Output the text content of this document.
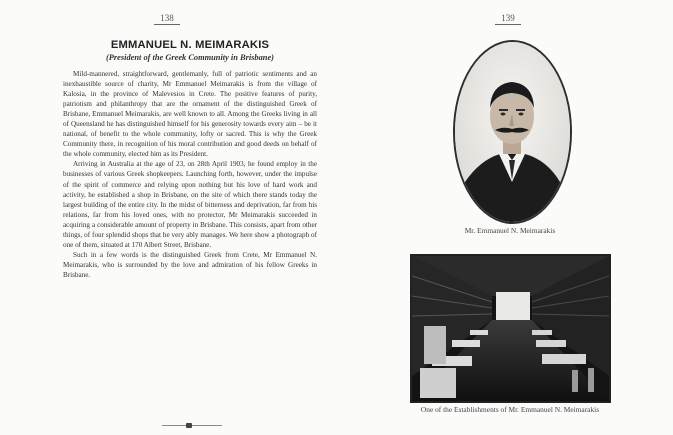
138
EMMANUEL N. MEIMARAKIS

(President of the Greek Community in Brisbane)

Mild-mannered, straightforward, gentlemanly, full of patriotic sentiments and an inexhaustible source of charity, Mr Emmanuel Meimarakis is from the village of Kalosia, in the province of Malevesios in Crete. The positive features of purity, patriotism and philanthropy that are the ornament of the distinguished Greek of Brisbane, Emmanuel Meimarakis, are well known to all. Among the Greeks living in all of Queensland he has distinguished himself for his generosity towards every aim – be it national, of benefit to the whole community, lofty or sacred. This is why the Greek Community there, in recognition of his moral contribution and good deeds on behalf of the whole community, elected him as its President.

Arriving in Australia at the age of 23, on 28th April 1903, he found employ in the businesses of various Greek shopkeepers. Launching forth, however, under the impulse of the spirit of commerce and relying upon nothing but his love of hard work and activity, he established a shop in Brisbane, on the site of which there stands today the largest building of the entire city. In the midst of bitterness and deprivation, far from his relations, far from his loved ones, with no protector, Mr Meimarakis succeeded in acquiring a considerable amount of property in Brisbane. This consists, apart from other things, of four splendid shops that he very ably manages. We here show a photograph of one of them, situated at 170 Albert Street, Brisbane.

Such in a few words is the distinguished Greek from Crete, Mr Emmanuel N. Meimarakis, who is surrounded by the love and admiration of his fellow Greeks in Brisbane.

139
Mr. Emmanuel N. Meimarakis
One of the Establishments of Mr. Emmanuel N. Meimarakis
